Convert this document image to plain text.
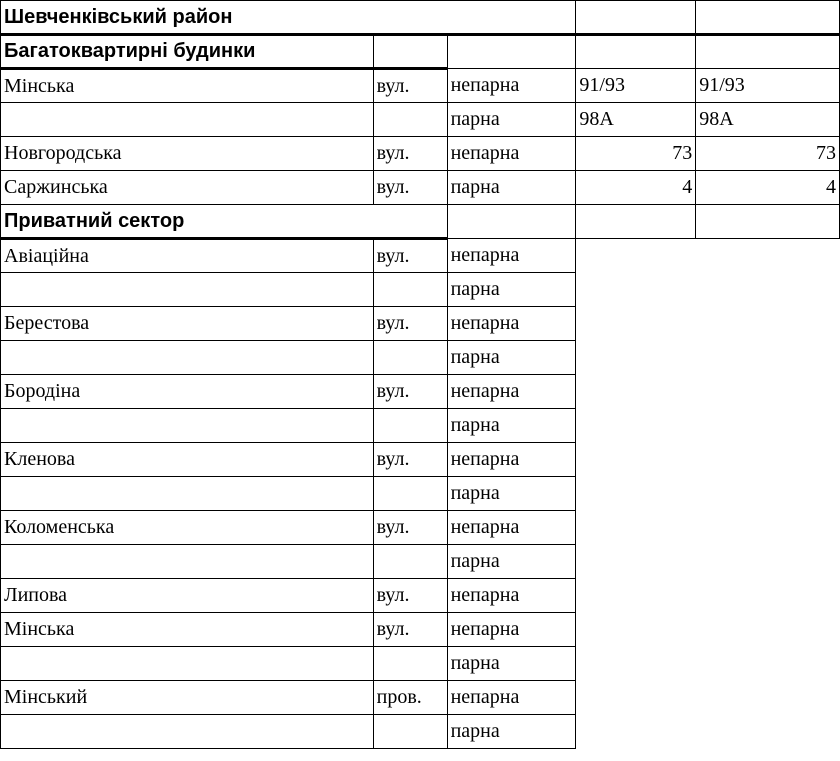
Шевченківський район				
Багатоквартирні будинки				
Мінська	вул.	непарна	91/93	91/93
		парна	98А	98А
Новгородська	вул.	непарна	73	73
Саржинська	вул.	парна	4	4
Приватний сектор				
Авіаційна	вул.	непарна		
		парна		
Берестова	вул.	непарна		
		парна		
Бородіна	вул.	непарна		
		парна		
Кленова	вул.	непарна		
		парна		
Коломенська	вул.	непарна		
		парна		
Липова	вул.	непарна		
Мінська	вул.	непарна		
		парна		
Мінський	пров.	непарна		
		парна		
